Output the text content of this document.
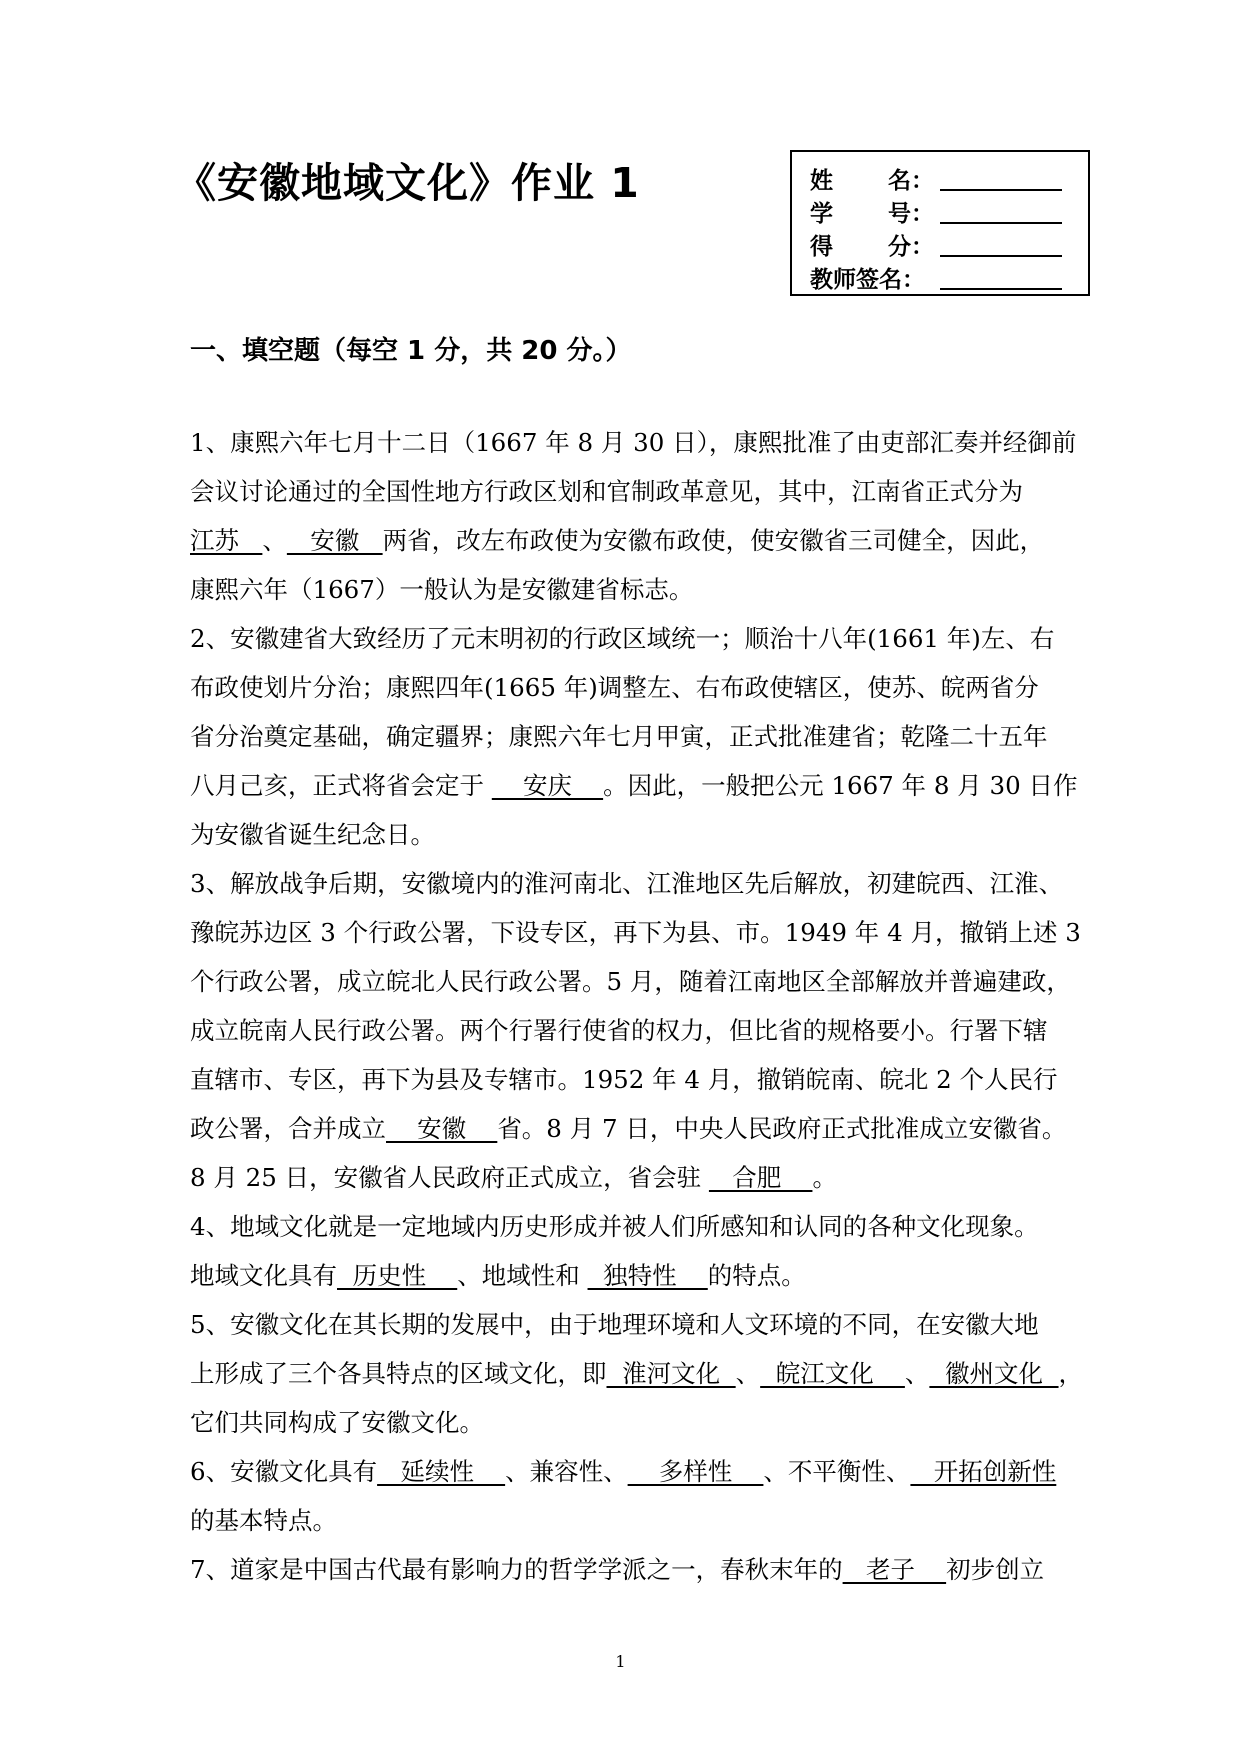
《安徽地域文化》作业 1	姓 名：
学 号：
得 分：
教师签名：
一、填空题（每空 1 分，共 20 分。）
1、康熙六年七月十二日（1667 年 8 月 30 日），康熙批准了由吏部汇奏并经御前
会议讨论通过的全国性地方行政区划和官制政革意见，其中，江南省正式分为
江苏   、   安徽   两省，改左布政使为安徽布政使，使安徽省三司健全，因此，
康熙六年（1667）一般认为是安徽建省标志。
2、安徽建省大致经历了元末明初的行政区域统一；顺治十八年(1661 年)左、右
布政使划片分治；康熙四年(1665 年)调整左、右布政使辖区，使苏、皖两省分
省分治奠定基础，确定疆界；康熙六年七月甲寅，正式批准建省；乾隆二十五年
八月己亥，正式将省会定于     安庆    。因此，一般把公元 1667 年 8 月 30 日作
为安徽省诞生纪念日。
3、解放战争后期，安徽境内的淮河南北、江淮地区先后解放，初建皖西、江淮、
豫皖苏边区 3 个行政公署，下设专区，再下为县、市。1949 年 4 月，撤销上述 3
个行政公署，成立皖北人民行政公署。5 月，随着江南地区全部解放并普遍建政，
成立皖南人民行政公署。两个行署行使省的权力，但比省的规格要小。行署下辖
直辖市、专区，再下为县及专辖市。1952 年 4 月，撤销皖南、皖北 2 个人民行
政公署，合并成立    安徽    省。8 月 7 日，中央人民政府正式批准成立安徽省。
8 月 25 日，安徽省人民政府正式成立，省会驻    合肥    。
4、地域文化就是一定地域内历史形成并被人们所感知和认同的各种文化现象。
地域文化具有  历史性    、地域性和   独特性    的特点。
5、安徽文化在其长期的发展中，由于地理环境和人文环境的不同，在安徽大地
上形成了三个各具特点的区域文化，即  淮河文化  、  皖江文化    、  徽州文化  ，
它们共同构成了安徽文化。
6、安徽文化具有   延续性    、兼容性、    多样性    、不平衡性、   开拓创新性
的基本特点。
7、道家是中国古代最有影响力的哲学学派之一，春秋末年的   老子    初步创立
1
